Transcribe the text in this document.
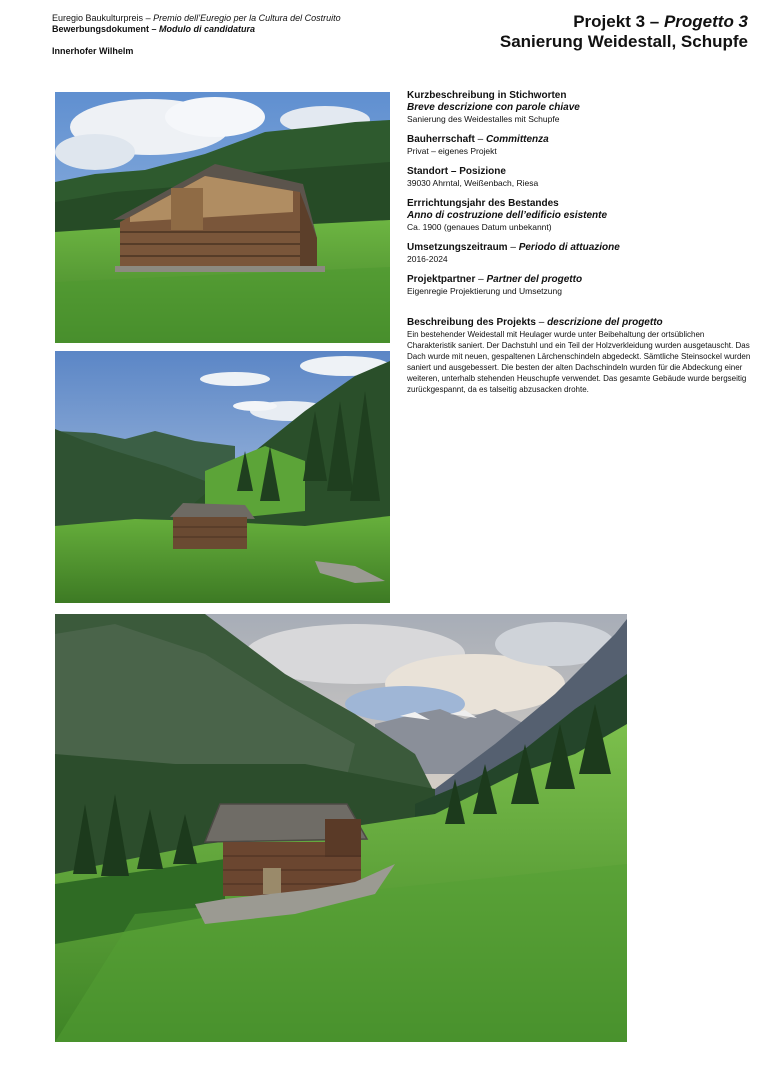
Euregio Baukulturpreis – Premio dell’Euregio per la Cultura del Costruito
Bewerbungsdokument – Modulo di candidatura
Innerhofer Wilhelm
Projekt 3 – Progetto 3
Sanierung Weidestall, Schupfe
Kurzbeschreibung in Stichworten
Breve descrizione con parole chiave
Sanierung des Weidestalles mit Schupfe
Bauherrschaft – Committenza
Privat – eigenes Projekt
Standort – Posizione
39030 Ahrntal, Weißenbach, Riesa
Errrichtungsjahr des Bestandes
Anno di costruzione dell’edificio esistente
Ca. 1900 (genaues Datum unbekannt)
Umsetzungszeitraum – Periodo di attuazione
2016-2024
Projektpartner – Partner del progetto
Eigenregie Projektierung und Umsetzung
Beschreibung des Projekts – descrizione del progetto
Ein bestehender Weidestall mit Heulager wurde unter Beibehaltung der ortsüblichen Charakteristik saniert. Der Dachstuhl und ein Teil der Holzverkleidung wurden ausgetauscht. Das Dach wurde mit neuen, gespaltenen Lärchenschindeln abgedeckt. Sämtliche Steinsockel wurden saniert und ausgebessert. Die besten der alten Dachschindeln wurden für die Abdeckung einer weiteren, unterhalb stehenden Heuschupfe verwendet. Das gesamte Gebäude wurde bergseitig zurückgespannt, da es talseitig abzusacken drohte.
